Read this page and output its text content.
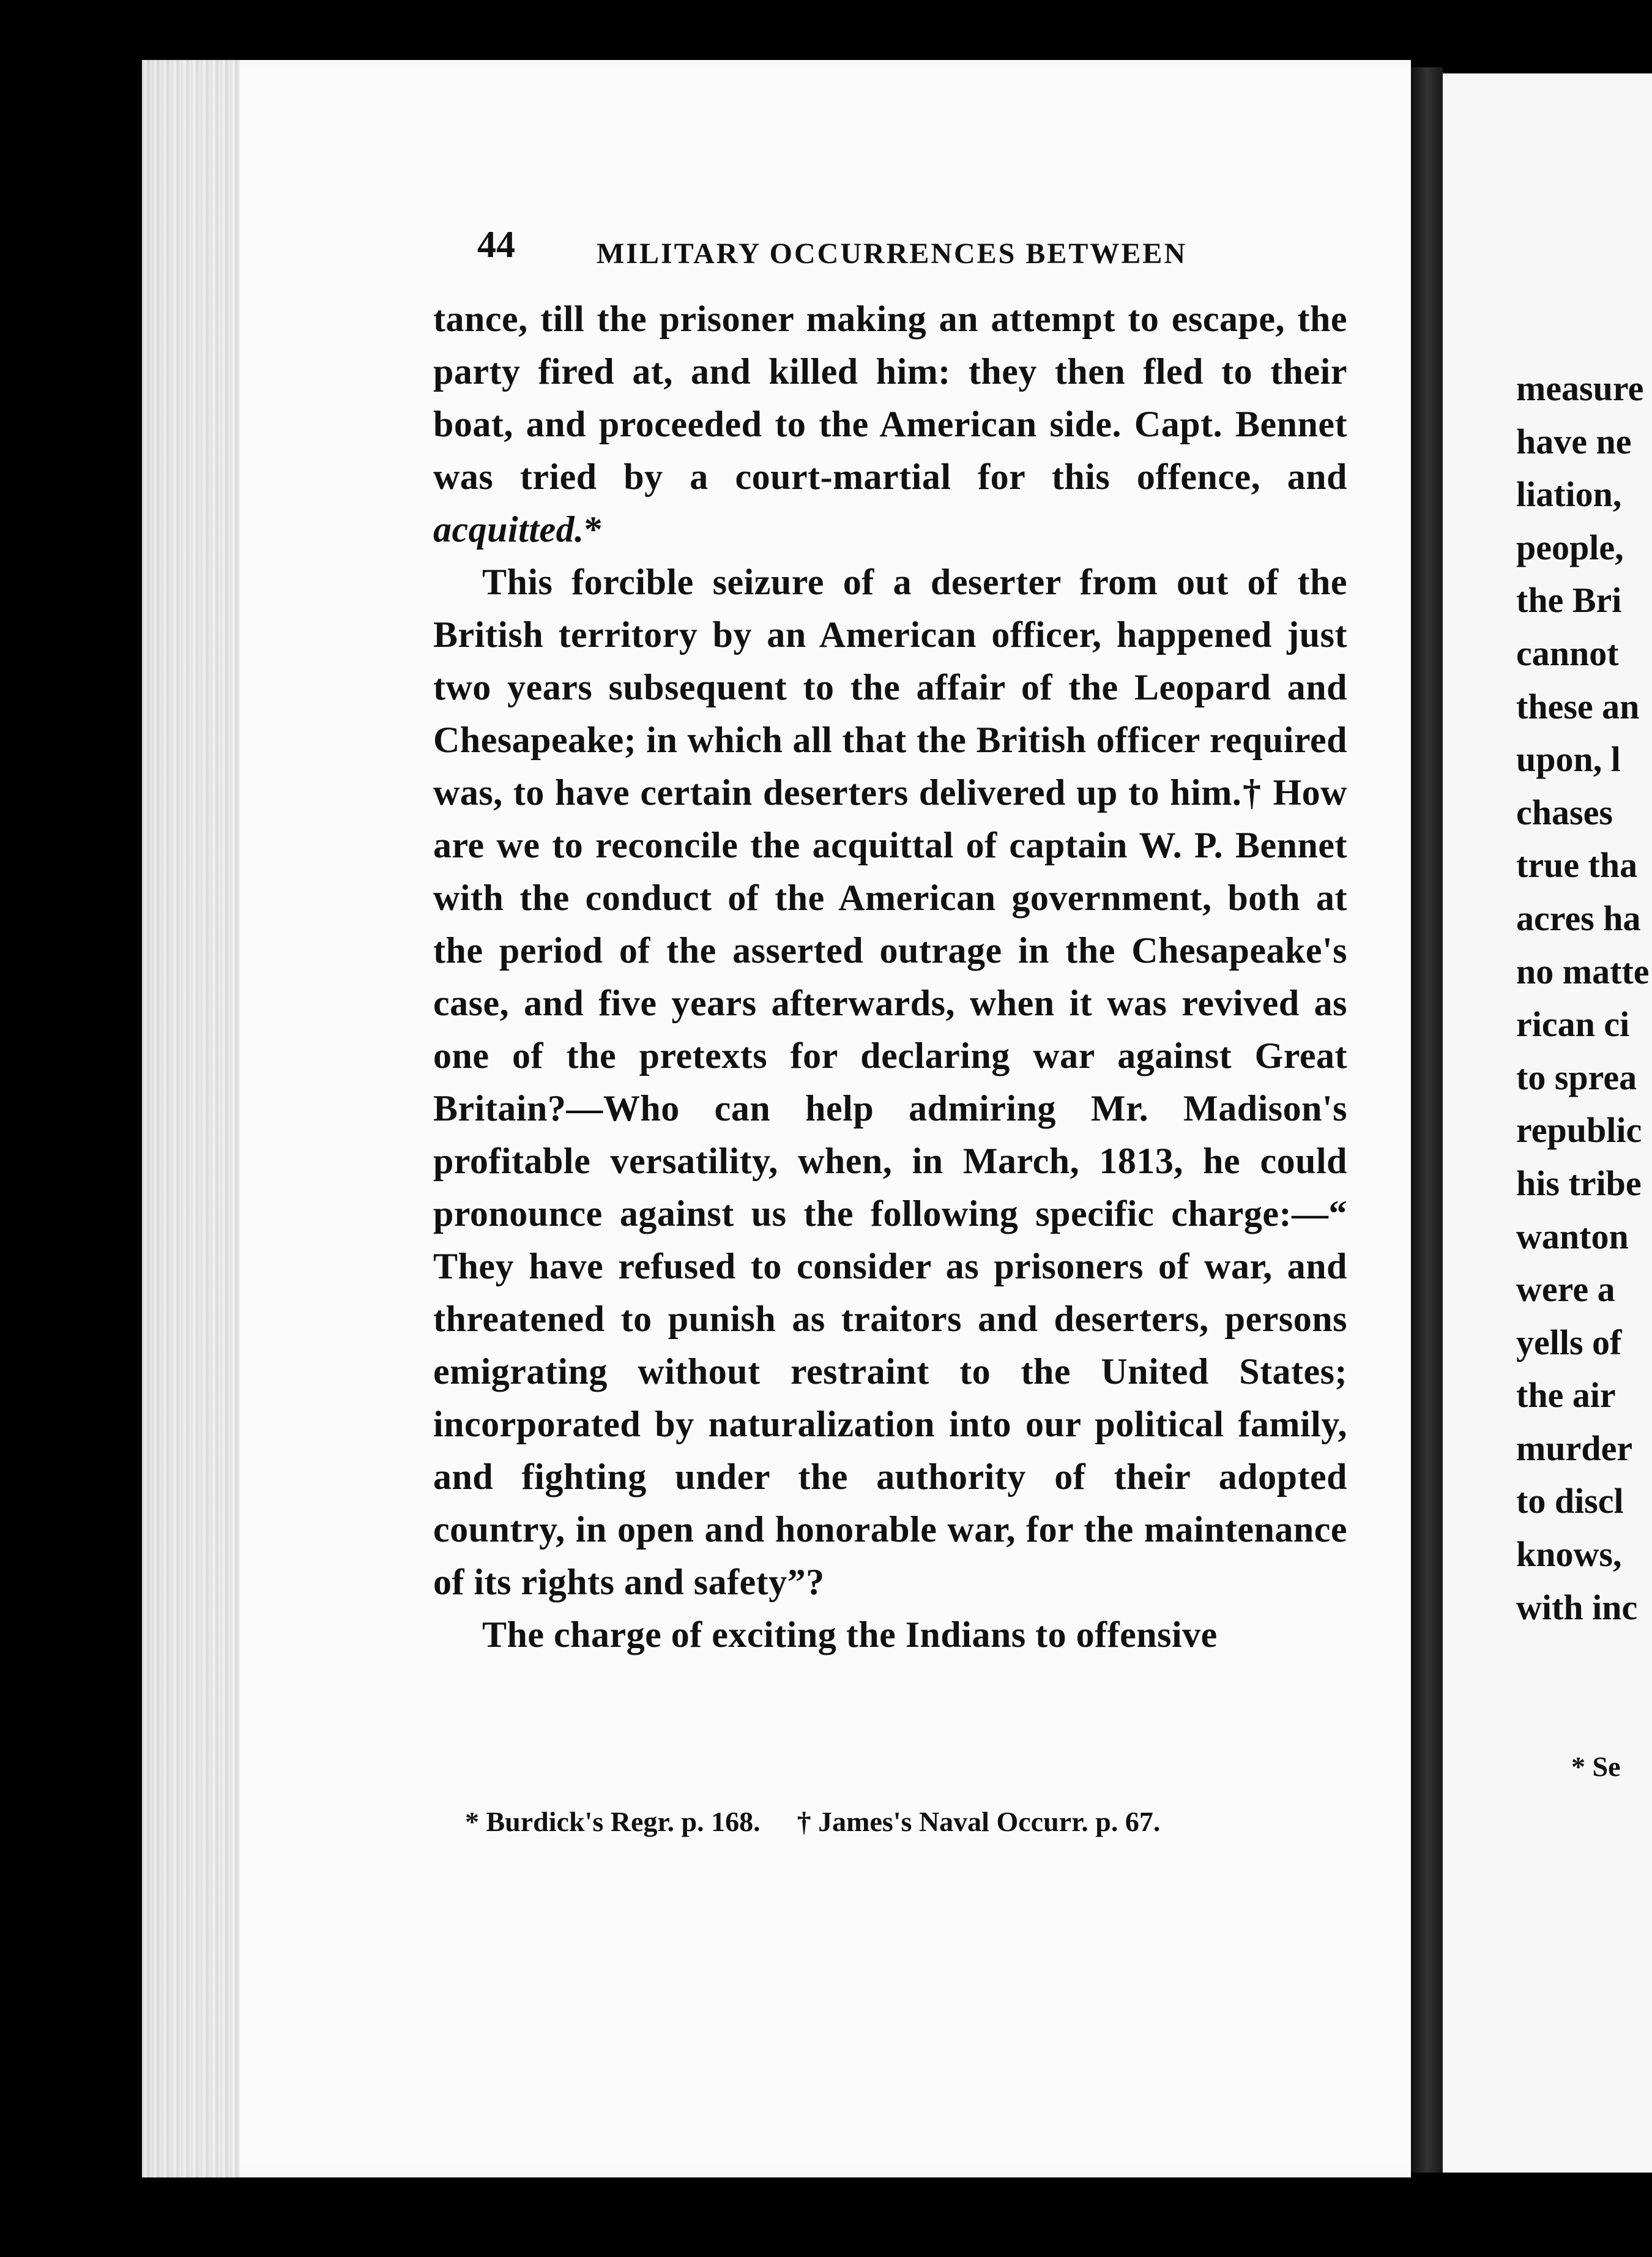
measure
have ne
liation,
people,
the Bri
cannot
these an
upon, l
chases
true tha
acres ha
no matte
rican ci
to sprea
republic
his tribe
wanton
were a
yells of
the air
murder
to discl
knows,
with inc
* Se
44	MILITARY OCCURRENCES BETWEEN

tance, till the prisoner making an attempt to escape, the party fired at, and killed him: they then fled to their boat, and proceeded to the American side. Capt. Bennet was tried by a court-martial for this offence, and acquitted.*

This forcible seizure of a deserter from out of the British territory by an American officer, happened just two years subsequent to the affair of the Leopard and Chesapeake; in which all that the British officer required was, to have certain deserters delivered up to him.† How are we to reconcile the acquittal of captain W. P. Bennet with the conduct of the American government, both at the period of the asserted outrage in the Chesapeake's case, and five years afterwards, when it was revived as one of the pretexts for declaring war against Great Britain?—Who can help admiring Mr. Madison's profitable versatility, when, in March, 1813, he could pronounce against us the following specific charge:—“ They have refused to consider as prisoners of war, and threatened to punish as traitors and deserters, persons emigrating without restraint to the United States; incorporated by naturalization into our political family, and fighting under the authority of their adopted country, in open and honorable war, for the maintenance of its rights and safety”?

The charge of exciting the Indians to offensive

* Burdick's Regr. p. 168. † James's Naval Occurr. p. 67.
